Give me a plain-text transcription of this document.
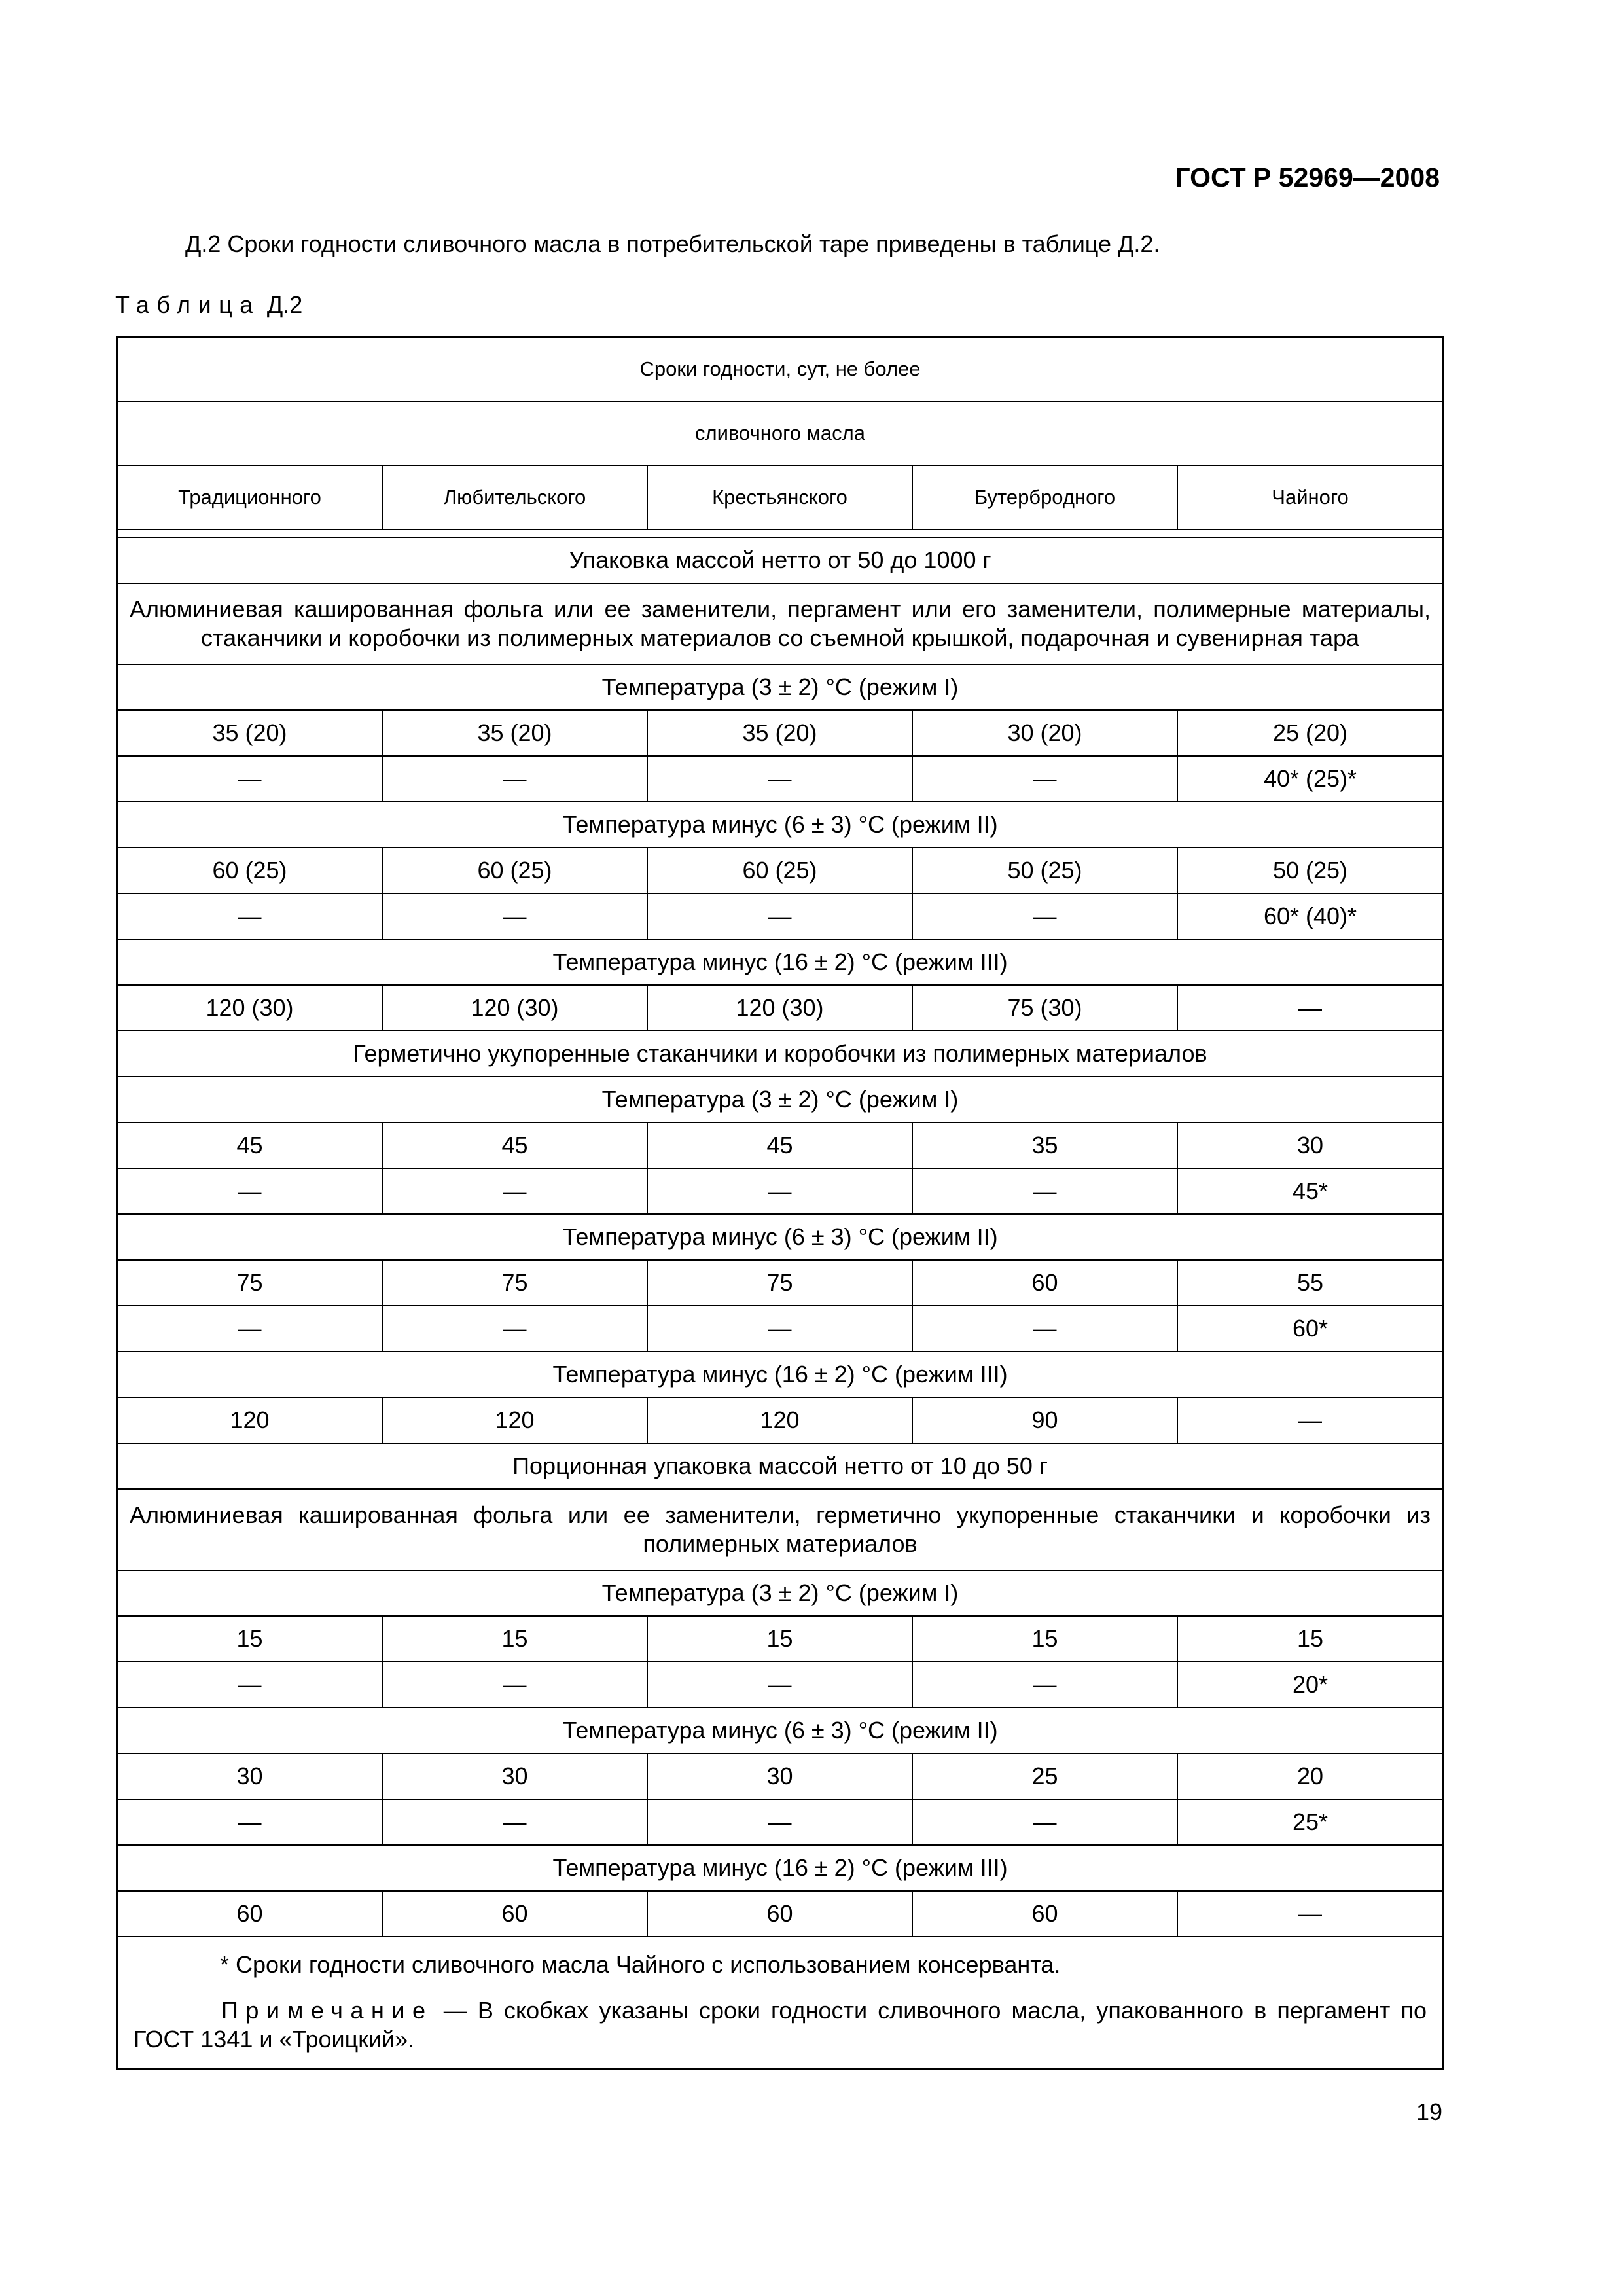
ГОСТ Р 52969—2008
Д.2 Сроки годности сливочного масла в потребительской таре приведены в таблице Д.2.
Таблица Д.2
Сроки годности, сут, не более				
сливочного масла				
Традиционного	Любительского	Крестьянского	Бутербродного	Чайного

Упаковка массой нетто от 50 до 1000 г				
Алюминиевая кашированная фольга или ее заменители, пергамент или его заменители, полимерные материалы, стаканчики и коробочки из полимерных материалов со съемной крышкой, подарочная и сувенирная тара				
Температура (3 ± 2) °С (режим I)				
35 (20)	35 (20)	35 (20)	30 (20)	25 (20)
—	—	—	—	40* (25)*
Температура минус (6 ± 3) °С (режим II)				
60 (25)	60 (25)	60 (25)	50 (25)	50 (25)
—	—	—	—	60* (40)*
Температура минус (16 ± 2) °С (режим III)				
120 (30)	120 (30)	120 (30)	75 (30)	—
Герметично укупоренные стаканчики и коробочки из полимерных материалов				
Температура (3 ± 2) °С (режим I)				
45	45	45	35	30
—	—	—	—	45*
Температура минус (6 ± 3) °С (режим II)				
75	75	75	60	55
—	—	—	—	60*
Температура минус (16 ± 2) °С (режим III)				
120	120	120	90	—
Порционная упаковка массой нетто от 10 до 50 г				
Алюминиевая кашированная фольга или ее заменители, герметично укупоренные стаканчики и коробочки из полимерных материалов				
Температура (3 ± 2) °С (режим I)				
15	15	15	15	15
—	—	—	—	20*
Температура минус (6 ± 3) °С (режим II)				
30	30	30	25	20
—	—	—	—	25*
Температура минус (16 ± 2) °С (режим III)				
60	60	60	60	—

* Сроки годности сливочного масла Чайного с использованием консерванта.
Примечание — В скобках указаны сроки годности сливочного масла, упакованного в пергамент по ГОСТ 1341 и «Троицкий».				
19
